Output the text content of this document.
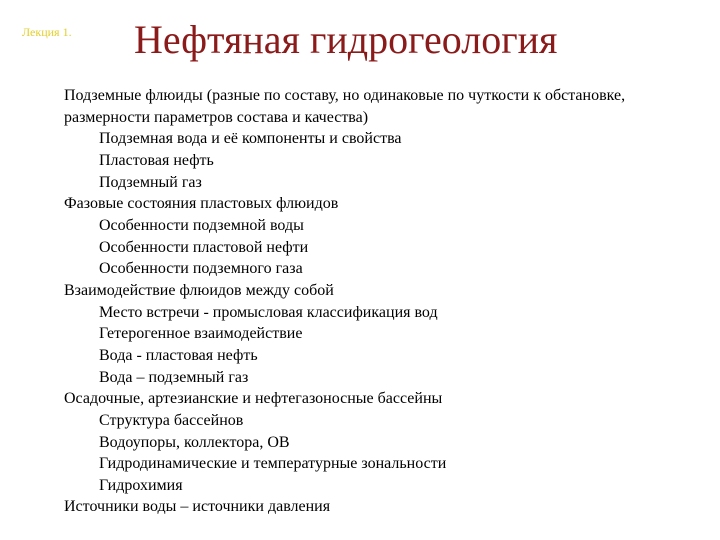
Лекция 1. Нефтяная гидрогеология
Подземные флюиды (разные по составу, но одинаковые по чуткости к обстановке, размерности параметров состава и качества)
Подземная вода и её компоненты и свойства
Пластовая нефть
Подземный газ
Фазовые состояния пластовых флюидов
Особенности подземной воды
Особенности пластовой нефти
Особенности подземного газа
Взаимодействие флюидов между собой
Место встречи - промысловая классификация вод
Гетерогенное взаимодействие
Вода - пластовая нефть
Вода – подземный газ
Осадочные, артезианские и нефтегазоносные бассейны
Структура бассейнов
Водоупоры, коллектора, ОВ
Гидродинамические и температурные зональности
Гидрохимия
Источники воды – источники давления
